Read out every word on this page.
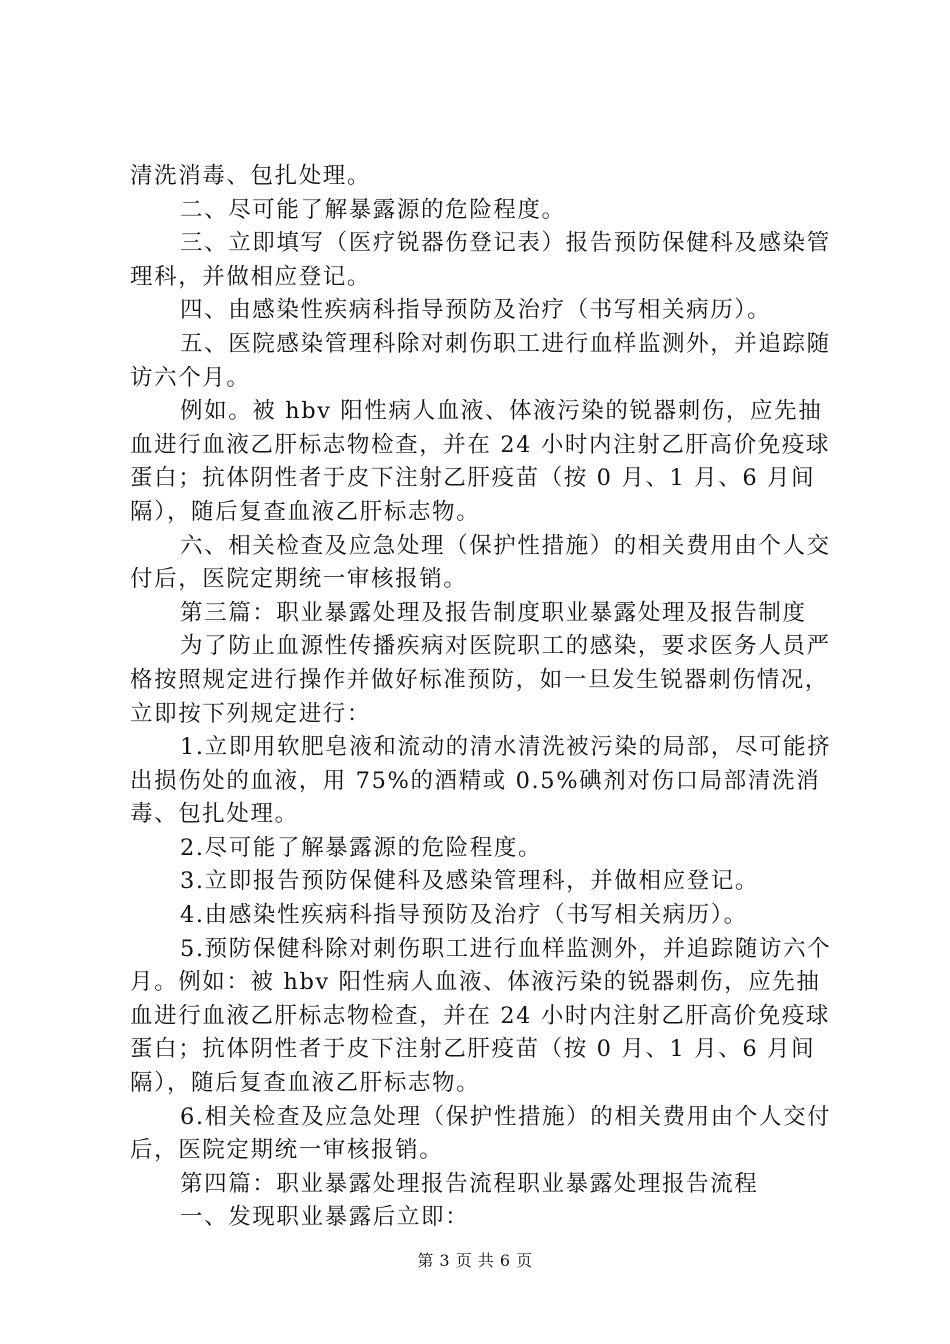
清洗消毒、包扎处理。

二、尽可能了解暴露源的危险程度。

三、立即填写（医疗锐器伤登记表）报告预防保健科及感染管理科，并做相应登记。

四、由感染性疾病科指导预防及治疗（书写相关病历）。

五、医院感染管理科除对刺伤职工进行血样监测外，并追踪随访六个月。

例如。被 hbv 阳性病人血液、体液污染的锐器刺伤，应先抽血进行血液乙肝标志物检查，并在 24 小时内注射乙肝高价免疫球蛋白；抗体阴性者于皮下注射乙肝疫苗（按 0 月、1 月、6 月间隔），随后复查血液乙肝标志物。

六、相关检查及应急处理（保护性措施）的相关费用由个人交付后，医院定期统一审核报销。

第三篇：职业暴露处理及报告制度职业暴露处理及报告制度

为了防止血源性传播疾病对医院职工的感染，要求医务人员严格按照规定进行操作并做好标准预防，如一旦发生锐器刺伤情况，立即按下列规定进行：

1.立即用软肥皂液和流动的清水清洗被污染的局部，尽可能挤出损伤处的血液，用 75%的酒精或 0.5%碘剂对伤口局部清洗消毒、包扎处理。

2.尽可能了解暴露源的危险程度。

3.立即报告预防保健科及感染管理科，并做相应登记。

4.由感染性疾病科指导预防及治疗（书写相关病历）。

5.预防保健科除对刺伤职工进行血样监测外，并追踪随访六个月。例如：被 hbv 阳性病人血液、体液污染的锐器刺伤，应先抽血进行血液乙肝标志物检查，并在 24 小时内注射乙肝高价免疫球蛋白；抗体阴性者于皮下注射乙肝疫苗（按 0 月、1 月、6 月间隔），随后复查血液乙肝标志物。

6.相关检查及应急处理（保护性措施）的相关费用由个人交付后，医院定期统一审核报销。

第四篇：职业暴露处理报告流程职业暴露处理报告流程

一、发现职业暴露后立即：

第 3 页 共 6 页
